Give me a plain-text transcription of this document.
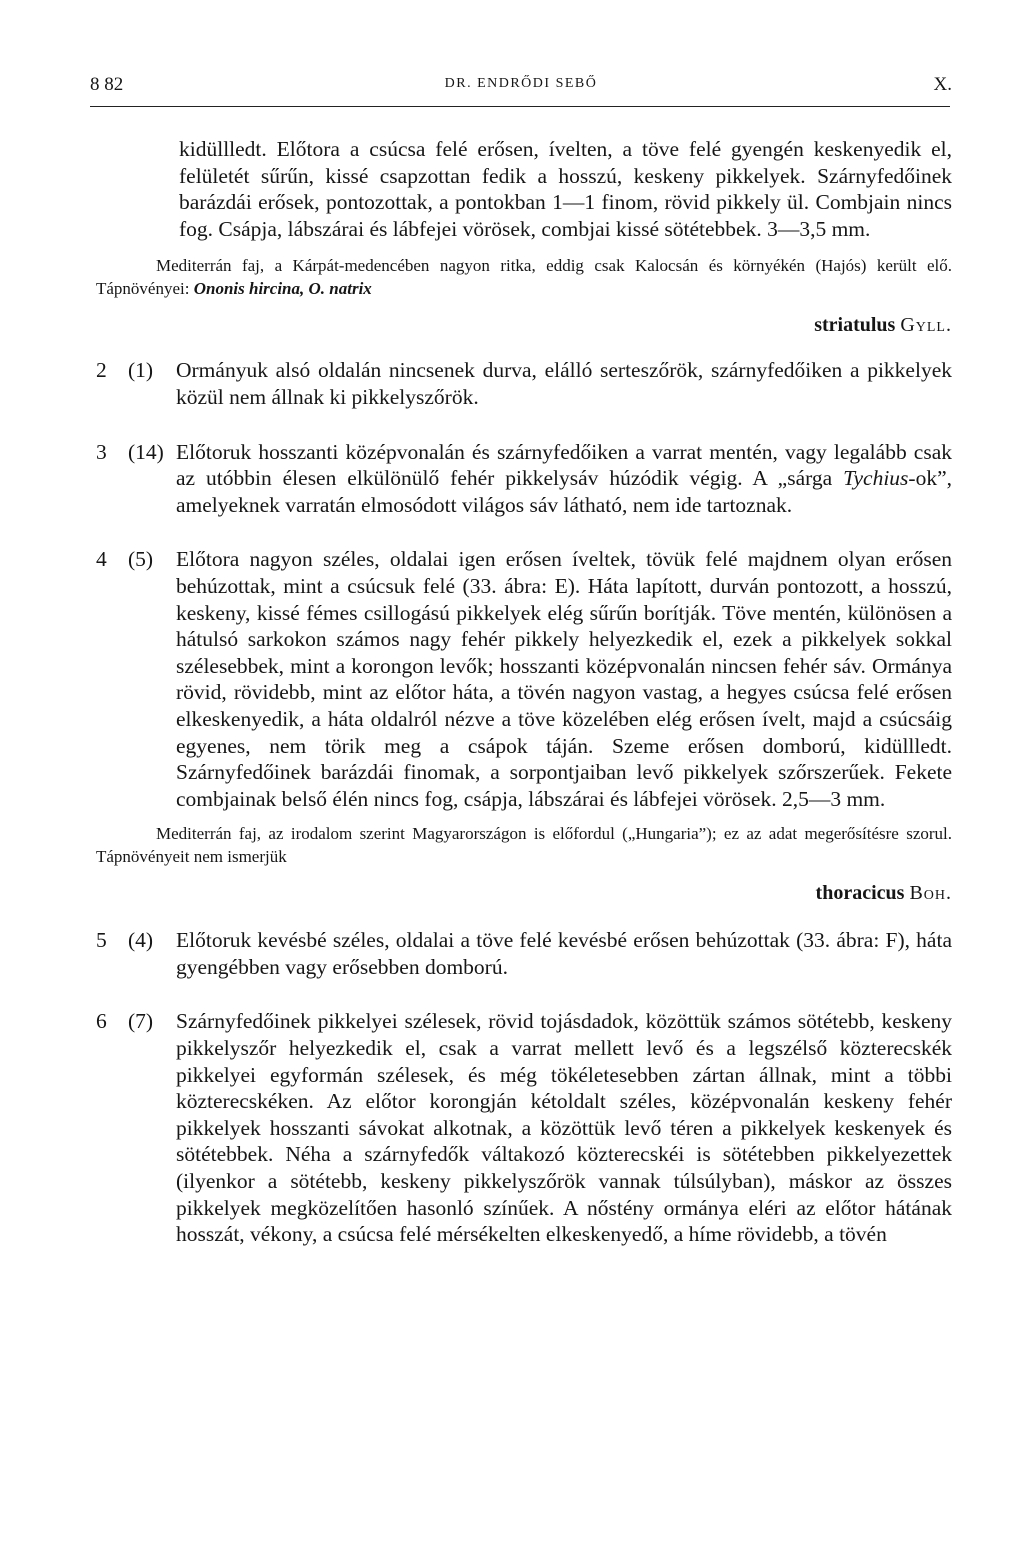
8 82	DR. ENDRŐDI SEBŐ	X.

kidüllledt. Előtora a csúcsa felé erősen, ívelten, a töve felé gyengén keskenyedik el, felületét sűrűn, kissé csapzottan fedik a hosszú, keskeny pikkelyek. Szárnyfedőinek barázdái erősek, pontozottak, a pontokban 1—1 finom, rövid pikkely ül. Combjain nincs fog. Csápja, lábszárai és lábfejei vörösek, combjai kissé sötétebbek. 3—3,5 mm.

Mediterrán faj, a Kárpát-medencében nagyon ritka, eddig csak Kalocsán és környékén (Hajós) került elő. Tápnövényei: Ononis hircina, O. natrix

striatulus Gyll.

2 (1)	Ormányuk alsó oldalán nincsenek durva, elálló serteszőrök, szárnyfedőiken a pikkelyek közül nem állnak ki pikkelyszőrök.

3 (14) Előtoruk hosszanti középvonalán és szárnyfedőiken a varrat mentén, vagy legalább csak az utóbbin élesen elkülönülő fehér pikkelysáv húzódik végig. A „sárga Tychius-ok”, amelyeknek varratán elmosódott világos sáv látható, nem ide tartoznak.

4 (5)	Előtora nagyon széles, oldalai igen erősen íveltek, tövük felé majdnem olyan erősen behúzottak, mint a csúcsuk felé (33. ábra: E). Háta lapított, durván pontozott, a hosszú, keskeny, kissé fémes csillogású pikkelyek elég sűrűn borítják. Töve mentén, különösen a hátulsó sarkokon számos nagy fehér pikkely helyezkedik el, ezek a pikkelyek sokkal szélesebbek, mint a korongon levők; hosszanti középvonalán nincsen fehér sáv. Ormánya rövid, rövidebb, mint az előtor háta, a tövén nagyon vastag, a hegyes csúcsa felé erősen elkeskenyedik, a háta oldalról nézve a töve közelében elég erősen ívelt, majd a csúcsáig egyenes, nem törik meg a csápok táján. Szeme erősen domború, kidüllledt. Szárnyfedőinek barázdái finomak, a sorpontjaiban levő pikkelyek szőrszerűek. Fekete combjainak belső élén nincs fog, csápja, lábszárai és lábfejei vörösek. 2,5—3 mm.

Mediterrán faj, az irodalom szerint Magyarországon is előfordul („Hungaria”); ez az adat megerősítésre szorul. Tápnövényeit nem ismerjük

thoracicus Boh.

5 (4)	Előtoruk kevésbé széles, oldalai a töve felé kevésbé erősen behúzottak (33. ábra: F), háta gyengébben vagy erősebben domború.

6 (7)	Szárnyfedőinek pikkelyei szélesek, rövid tojásdadok, közöttük számos sötétebb, keskeny pikkelyszőr helyezkedik el, csak a varrat mellett levő és a legszélső közterecskék pikkelyei egyformán szélesek, és még tökéletesebben zártan állnak, mint a többi közterecskéken. Az előtor korongján kétoldalt széles, középvonalán keskeny fehér pikkelyek hosszanti sávokat alkotnak, a közöttük levő téren a pikkelyek keskenyek és sötétebbek. Néha a szárnyfedők váltakozó közterecskéi is sötétebben pikkelyezettek (ilyenkor a sötétebb, keskeny pikkelyszőrök vannak túlsúlyban), máskor az összes pikkelyek megközelítően hasonló színűek. A nőstény ormánya eléri az előtor hátának hosszát, vékony, a csúcsa felé mérsékelten elkeskenyedő, a híme rövidebb, a tövén
